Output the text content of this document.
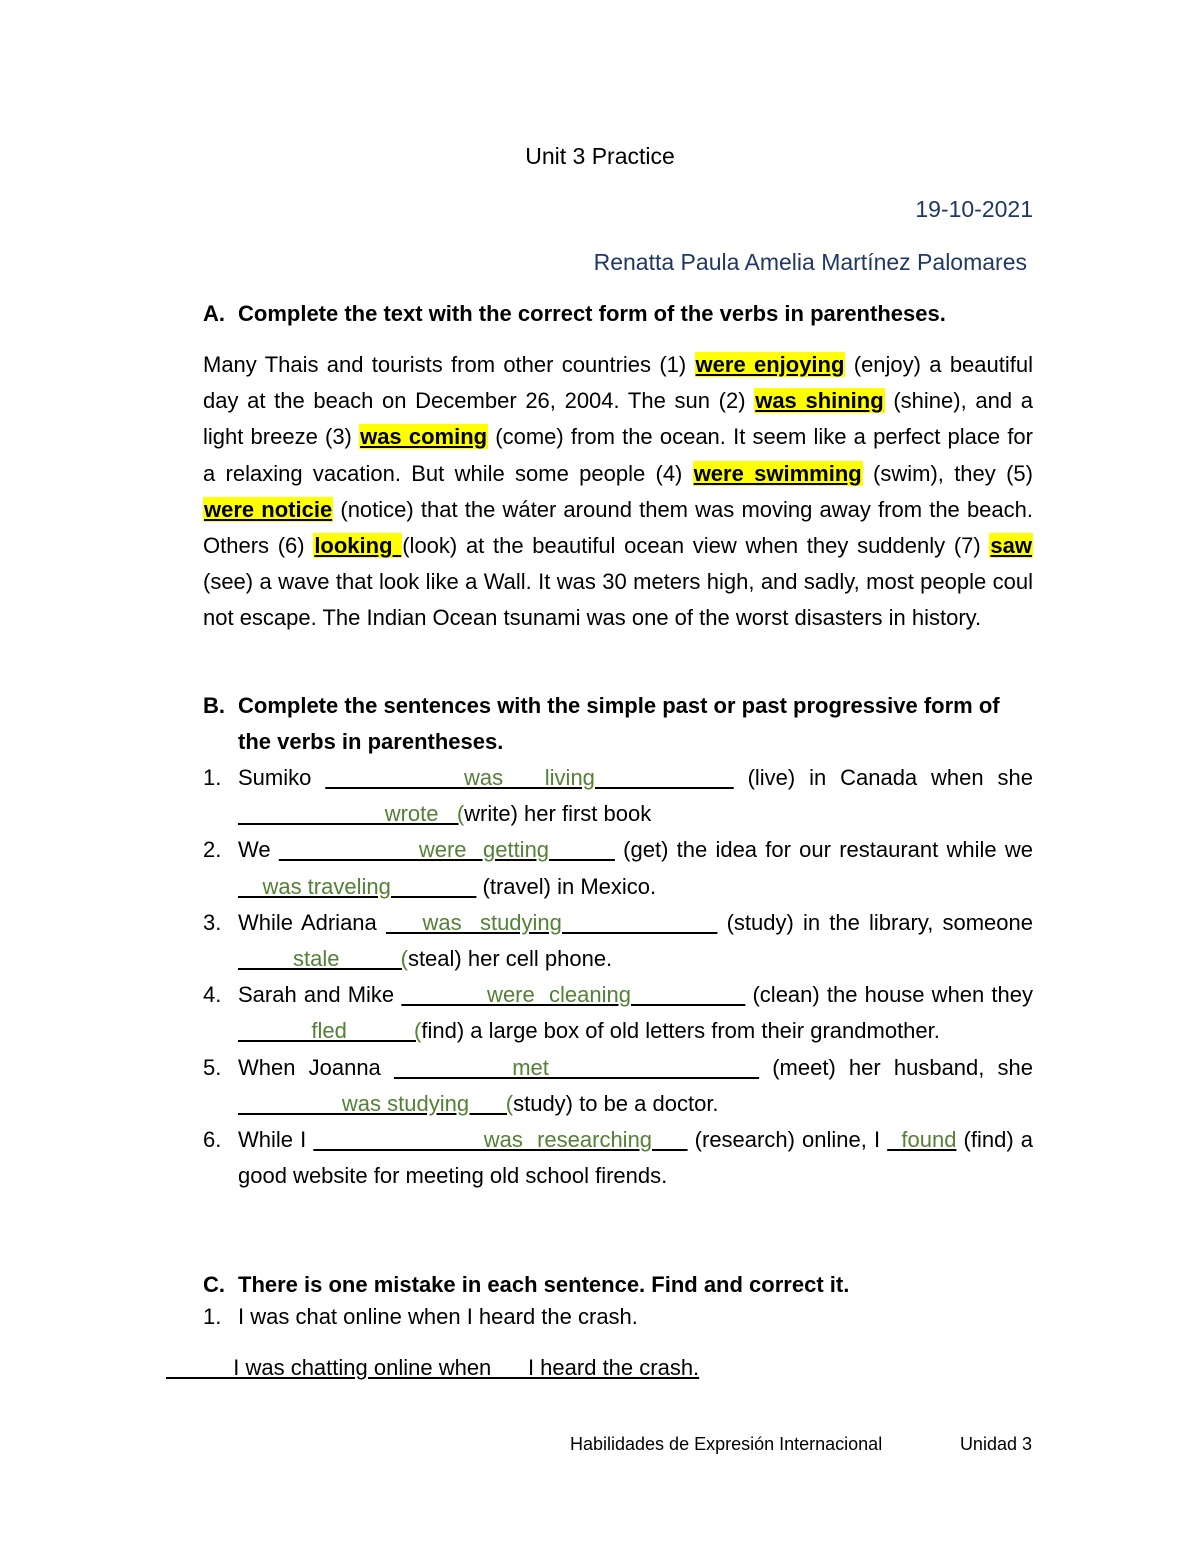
Unit 3 Practice
19-10-2021
Renatta Paula Amelia Martínez Palomares
A. Complete the text with the correct form of the verbs in parentheses.
Many Thais and tourists from other countries (1) were enjoying (enjoy) a beautiful day at the beach on December 26, 2004. The sun (2) was shining (shine), and a light breeze (3) was coming (come) from the ocean. It seem like a perfect place for a relaxing vacation. But while some people (4) were swimming (swim), they (5) were noticie (notice) that the wáter around them was moving away from the beach. Others (6) looking (look) at the beautiful ocean view when they suddenly (7) saw (see) a wave that look like a Wall. It was 30 meters high, and sadly, most people coul not escape. The Indian Ocean tsunami was one of the worst disasters in history.
B. Complete the sentences with the simple past or past progressive form of the verbs in parentheses.
1. Sumiko           was   living           (live) in Canada when she                         wrote   (write) her first book
2. We                  were  getting         (get) the idea for our restaurant while we     was traveling               (travel) in Mexico.
3. While Adriana     was  studying                  (study) in the library, someone          stale          (steal) her cell phone.
4. Sarah and Mike             were  cleaning                 (clean) the house when they             fled           (find) a large box of old letters from their grandmother.
5. When Joanna          met                 (meet) her husband, she                  was studying      (study) to be a doctor.
6. While I                         was  researching      (research) online, I   found (find) a good website for meeting old school firends.
C. There is one mistake in each sentence. Find and correct it.
1. I was chat online when I heard the crash.
I was chatting online when      I heard the crash.
Habilidades de Expresión Internacional	Unidad 3
